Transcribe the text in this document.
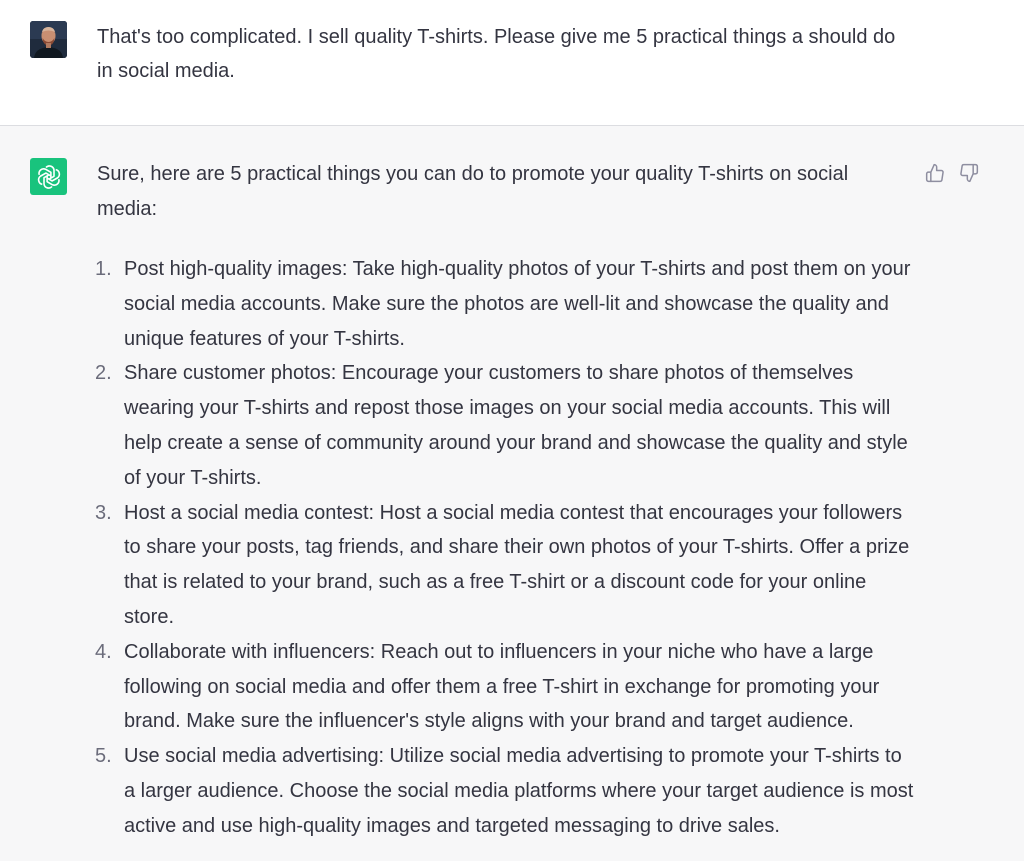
That's too complicated. I sell quality T-shirts. Please give me 5 practical things a should do in social media.

Sure, here are 5 practical things you can do to promote your quality T-shirts on social media:

1. Post high-quality images: Take high-quality photos of your T-shirts and post them on your social media accounts. Make sure the photos are well-lit and showcase the quality and unique features of your T-shirts.
2. Share customer photos: Encourage your customers to share photos of themselves wearing your T-shirts and repost those images on your social media accounts. This will help create a sense of community around your brand and showcase the quality and style of your T-shirts.
3. Host a social media contest: Host a social media contest that encourages your followers to share your posts, tag friends, and share their own photos of your T-shirts. Offer a prize that is related to your brand, such as a free T-shirt or a discount code for your online store.
4. Collaborate with influencers: Reach out to influencers in your niche who have a large following on social media and offer them a free T-shirt in exchange for promoting your brand. Make sure the influencer's style aligns with your brand and target audience.
5. Use social media advertising: Utilize social media advertising to promote your T-shirts to a larger audience. Choose the social media platforms where your target audience is most active and use high-quality images and targeted messaging to drive sales.
